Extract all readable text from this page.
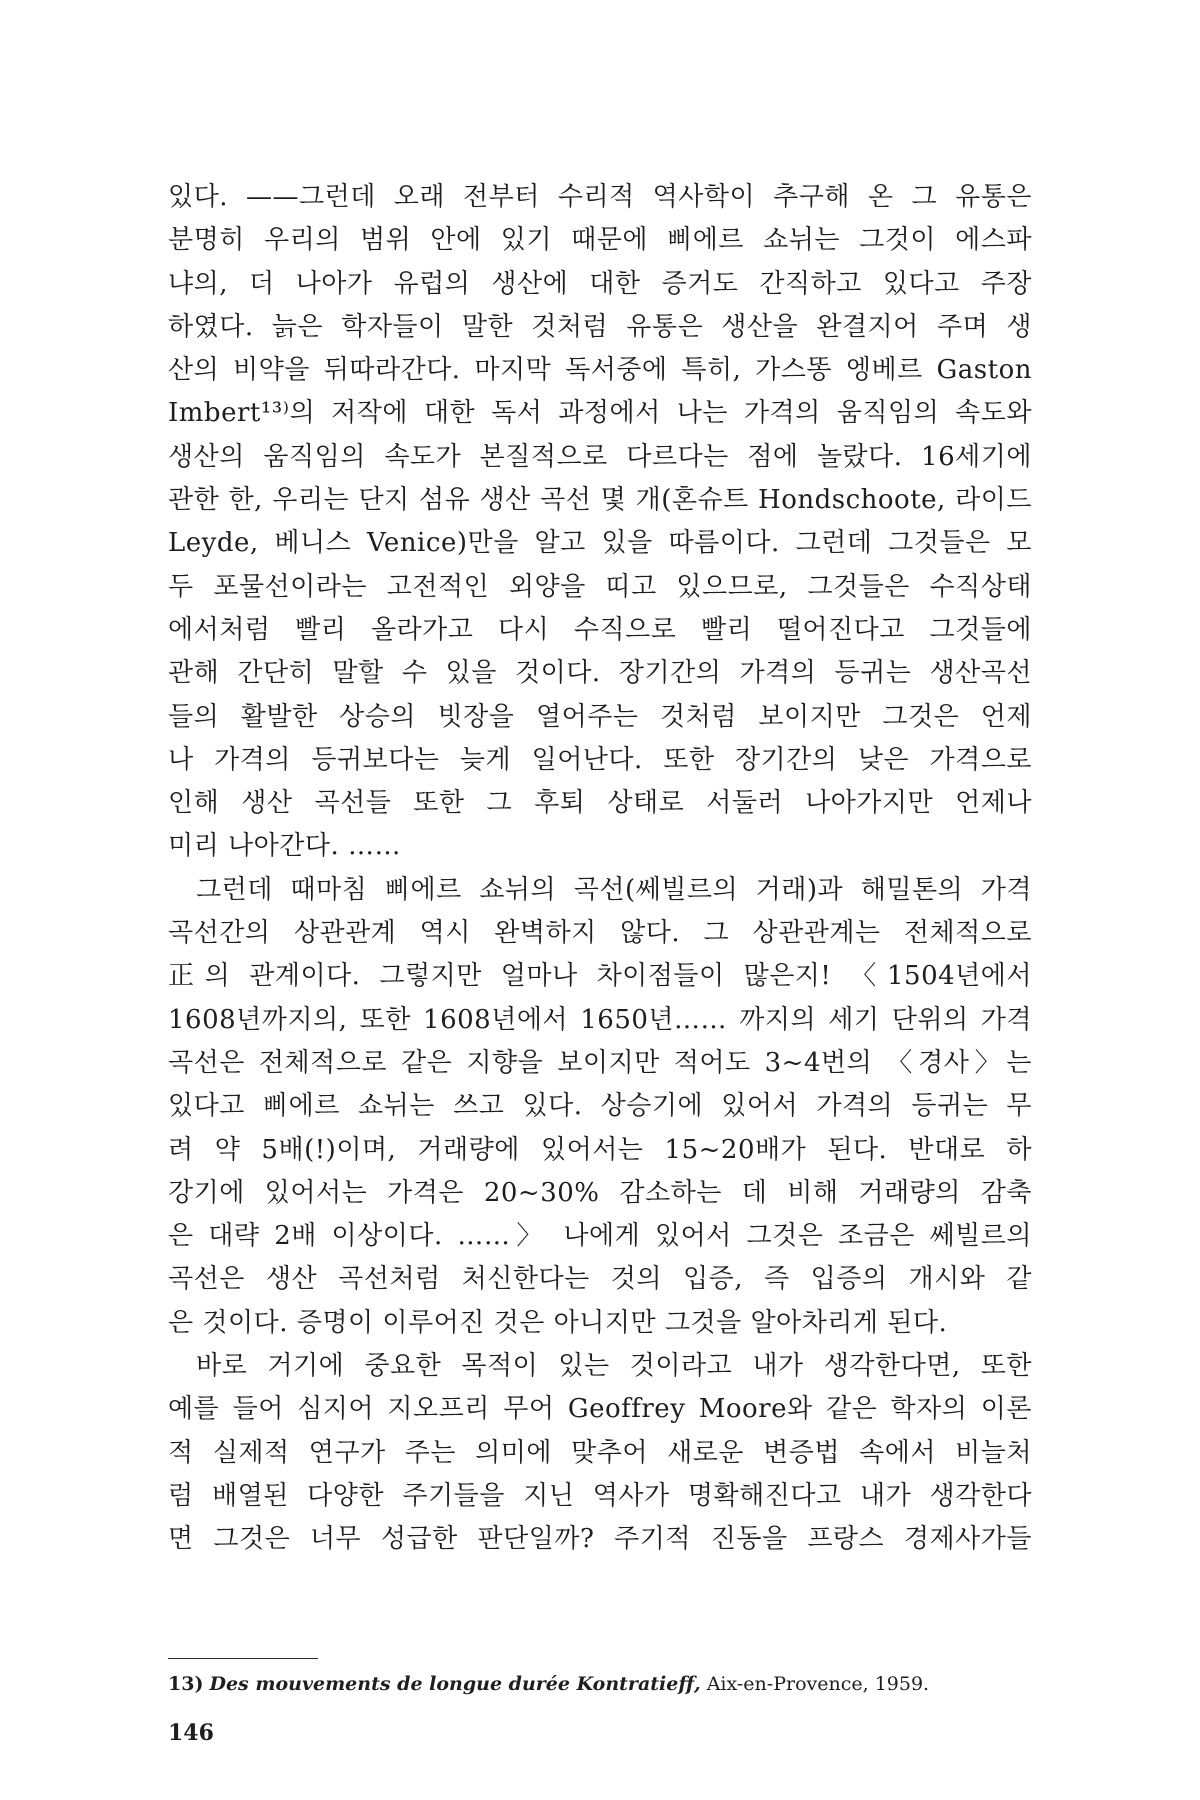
있다. ——그런데 오래 전부터 수리적 역사학이 추구해 온 그 유통은
분명히 우리의 범위 안에 있기 때문에 삐에르 쇼뉘는 그것이 에스파
냐의, 더 나아가 유럽의 생산에 대한 증거도 간직하고 있다고 주장
하였다. 늙은 학자들이 말한 것처럼 유통은 생산을 완결지어 주며 생
산의 비약을 뒤따라간다. 마지막 독서중에 특히, 가스똥 엥베르 Gaston
Imbert¹³⁾의 저작에 대한 독서 과정에서 나는 가격의 움직임의 속도와
생산의 움직임의 속도가 본질적으로 다르다는 점에 놀랐다. 16세기에
관한 한, 우리는 단지 섬유 생산 곡선 몇 개(혼슈트 Hondschoote, 라이드
Leyde, 베니스 Venice)만을 알고 있을 따름이다. 그런데 그것들은 모
두 포물선이라는 고전적인 외양을 띠고 있으므로, 그것들은 수직상태
에서처럼 빨리 올라가고 다시 수직으로 빨리 떨어진다고 그것들에
관해 간단히 말할 수 있을 것이다. 장기간의 가격의 등귀는 생산곡선
들의 활발한 상승의 빗장을 열어주는 것처럼 보이지만 그것은 언제
나 가격의 등귀보다는 늦게 일어난다. 또한 장기간의 낮은 가격으로
인해 생산 곡선들 또한 그 후퇴 상태로 서둘러 나아가지만 언제나
미리 나아간다. ……
그런데 때마침 삐에르 쇼뉘의 곡선(쎄빌르의 거래)과 해밀톤의 가격
곡선간의 상관관계 역시 완벽하지 않다. 그 상관관계는 전체적으로
正의 관계이다. 그렇지만 얼마나 차이점들이 많은지! 〈1504년에서
1608년까지의, 또한 1608년에서 1650년…… 까지의 세기 단위의 가격
곡선은 전체적으로 같은 지향을 보이지만 적어도 3~4번의 〈경사〉는
있다고 삐에르 쇼뉘는 쓰고 있다. 상승기에 있어서 가격의 등귀는 무
려 약 5배(!)이며, 거래량에 있어서는 15~20배가 된다. 반대로 하
강기에 있어서는 가격은 20~30% 감소하는 데 비해 거래량의 감축
은 대략 2배 이상이다. ……〉 나에게 있어서 그것은 조금은 쎄빌르의
곡선은 생산 곡선처럼 처신한다는 것의 입증, 즉 입증의 개시와 같
은 것이다. 증명이 이루어진 것은 아니지만 그것을 알아차리게 된다.
바로 거기에 중요한 목적이 있는 것이라고 내가 생각한다면, 또한
예를 들어 심지어 지오프리 무어 Geoffrey Moore와 같은 학자의 이론
적 실제적 연구가 주는 의미에 맞추어 새로운 변증법 속에서 비늘처
럼 배열된 다양한 주기들을 지닌 역사가 명확해진다고 내가 생각한다
면 그것은 너무 성급한 판단일까? 주기적 진동을 프랑스 경제사가들
13) Des mouvements de longue durée Kontratieff, Aix-en-Provence, 1959.
146
